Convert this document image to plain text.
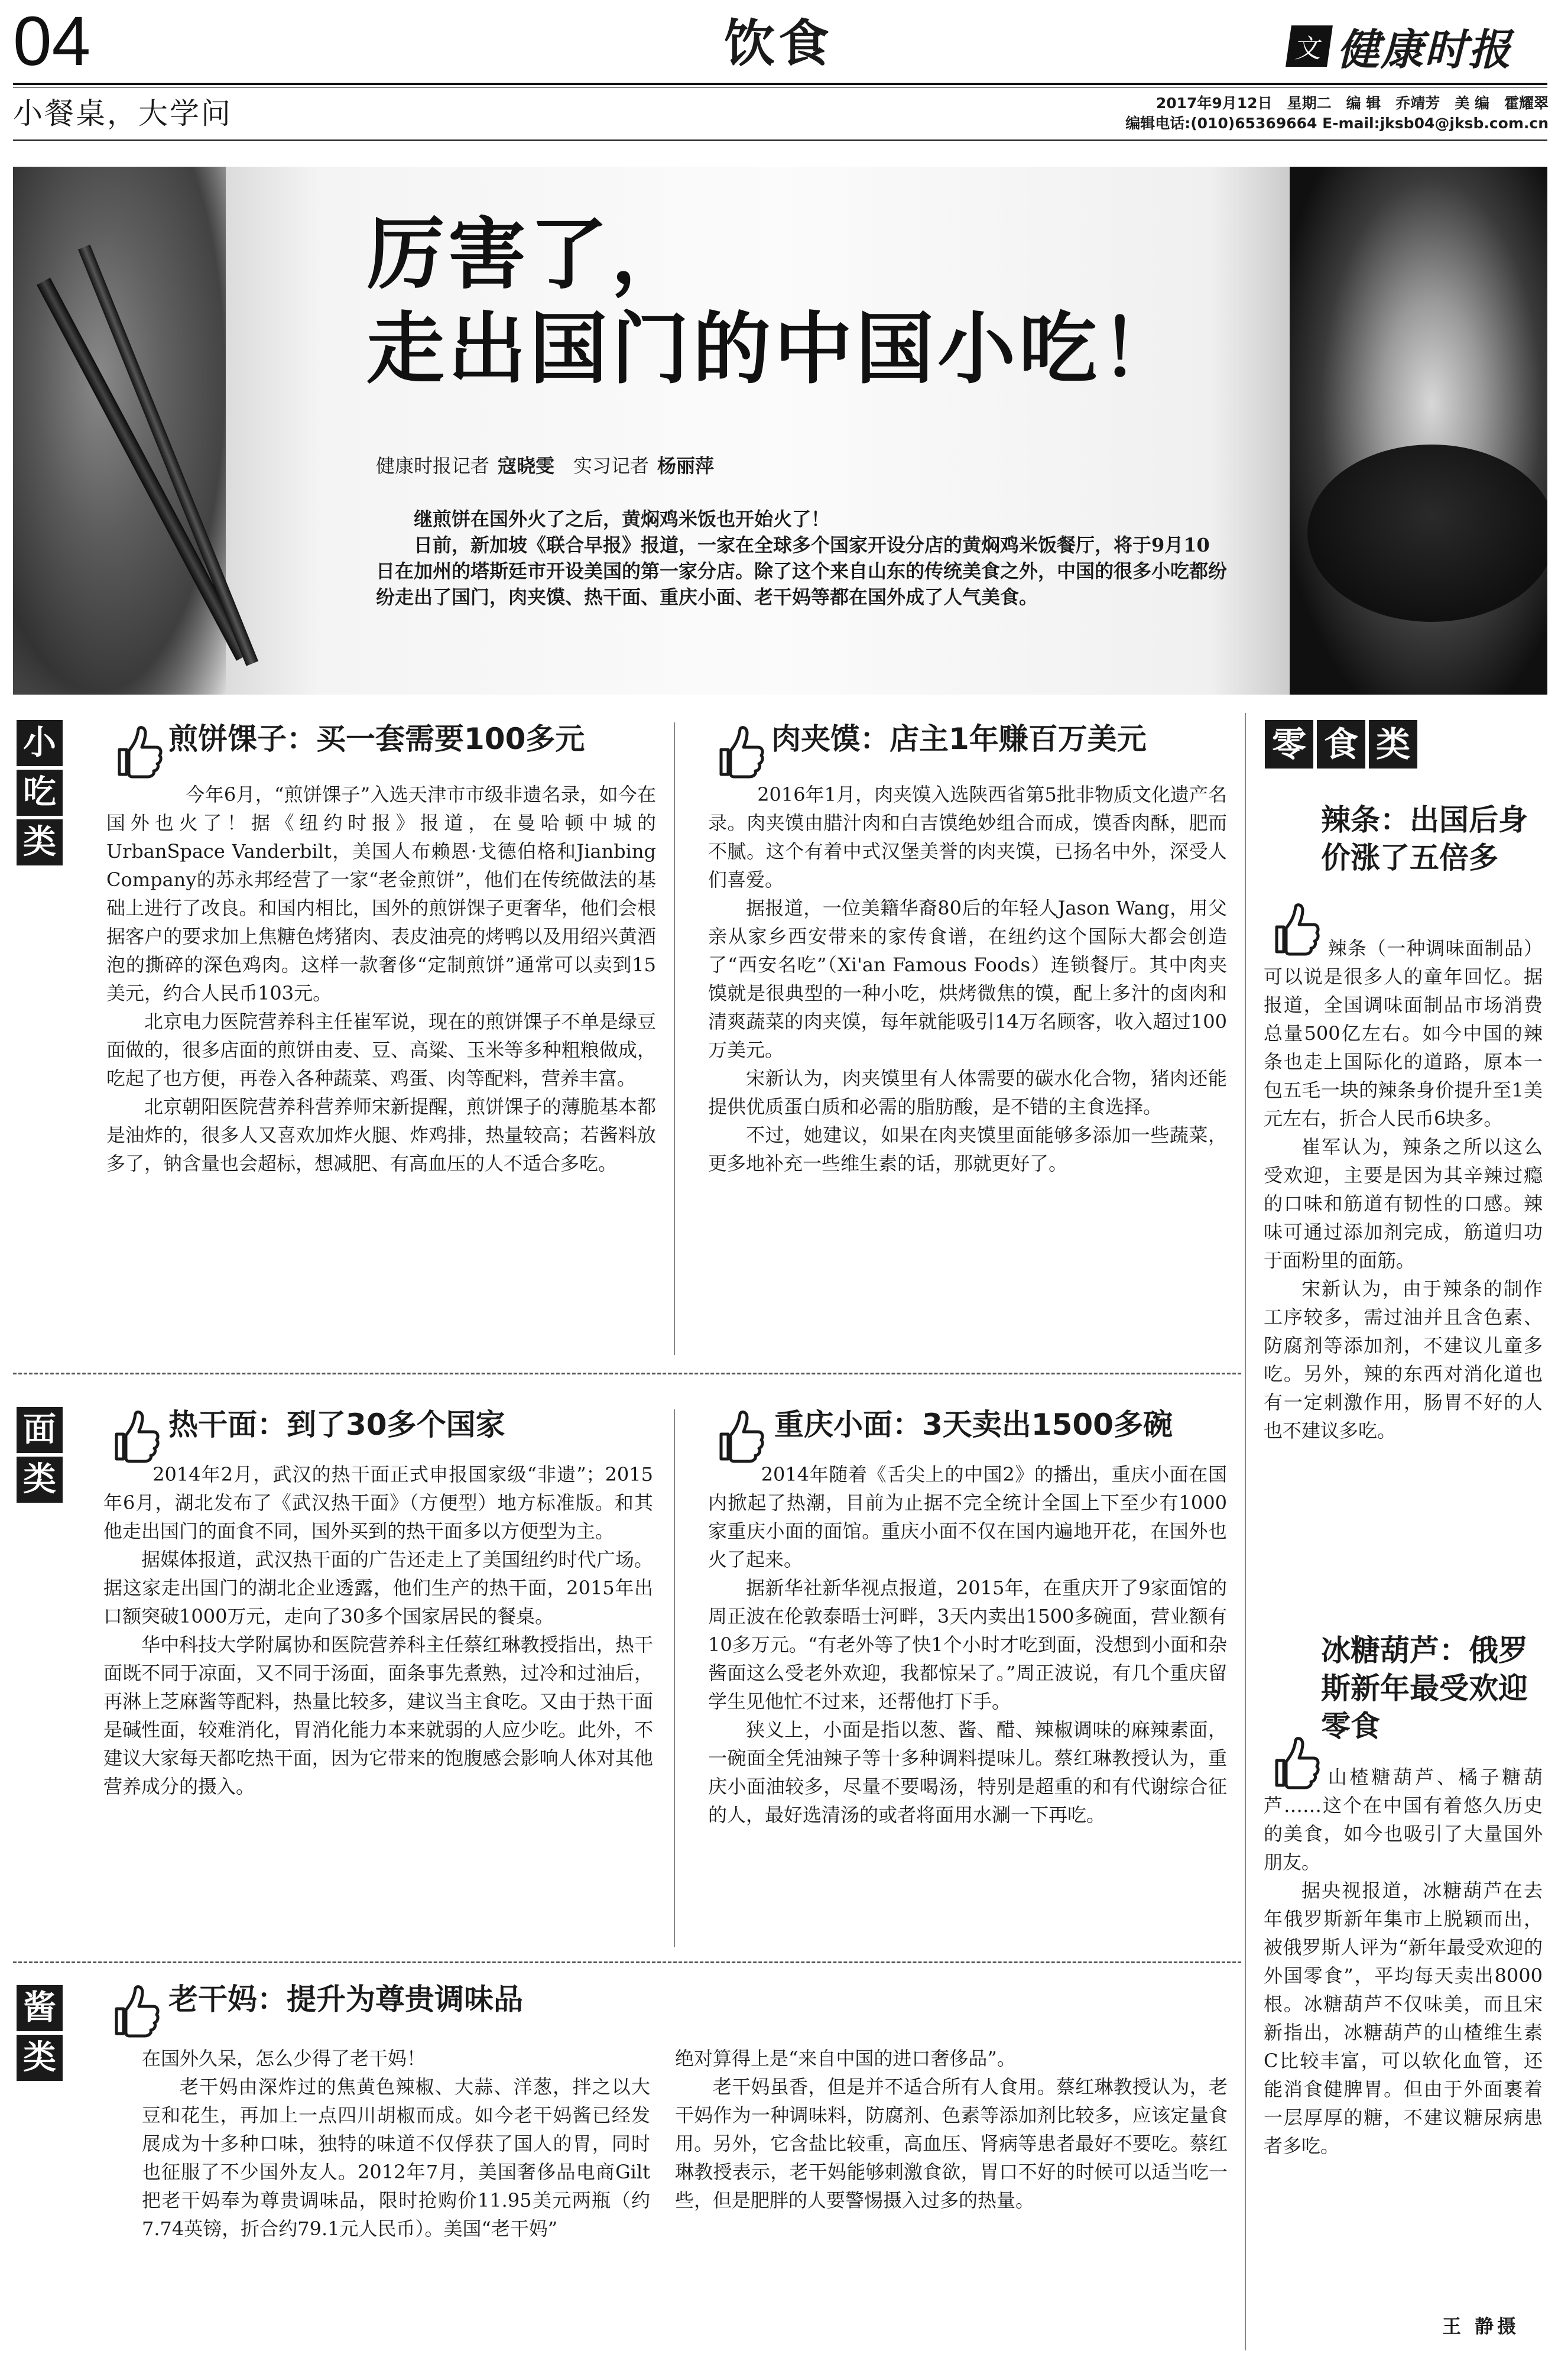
04	饮食	文 健康时报
小餐桌，大学问	2017年9月12日　星期二　编 辑　乔靖芳　美 编　霍耀翠
编辑电话:(010)65369664 E-mail:jksb04@jksb.com.cn
厉害了，
走出国门的中国小吃！
健康时报记者 寇晓雯 实习记者 杨丽萍

继煎饼在国外火了之后，黄焖鸡米饭也开始火了！

日前，新加坡《联合早报》报道，一家在全球多个国家开设分店的黄焖鸡米饭餐厅，将于9月10日在加州的塔斯廷市开设美国的第一家分店。除了这个来自山东的传统美食之外，中国的很多小吃都纷纷走出了国门，肉夹馍、热干面、重庆小面、老干妈等都在国外成了人气美食。

小
吃
类
面
类
酱
类
零 食 类
煎饼馃子：买一套需要100多元

今年6月，“煎饼馃子”入选天津市市级非遗名录，如今在国外也火了！据《纽约时报》报道，在曼哈顿中城的UrbanSpace Vanderbilt，美国人布赖恩·戈德伯格和Jianbing Company的苏永邦经营了一家“老金煎饼”，他们在传统做法的基础上进行了改良。和国内相比，国外的煎饼馃子更奢华，他们会根据客户的要求加上焦糖色烤猪肉、表皮油亮的烤鸭以及用绍兴黄酒泡的撕碎的深色鸡肉。这样一款奢侈“定制煎饼”通常可以卖到15美元，约合人民币103元。

北京电力医院营养科主任崔军说，现在的煎饼馃子不单是绿豆面做的，很多店面的煎饼由麦、豆、高粱、玉米等多种粗粮做成，吃起了也方便，再卷入各种蔬菜、鸡蛋、肉等配料，营养丰富。

北京朝阳医院营养科营养师宋新提醒，煎饼馃子的薄脆基本都是油炸的，很多人又喜欢加炸火腿、炸鸡排，热量较高；若酱料放多了，钠含量也会超标，想减肥、有高血压的人不适合多吃。

肉夹馍：店主1年赚百万美元

2016年1月，肉夹馍入选陕西省第5批非物质文化遗产名录。肉夹馍由腊汁肉和白吉馍绝妙组合而成，馍香肉酥，肥而不腻。这个有着中式汉堡美誉的肉夹馍，已扬名中外，深受人们喜爱。

据报道，一位美籍华裔80后的年轻人Jason Wang，用父亲从家乡西安带来的家传食谱，在纽约这个国际大都会创造了“西安名吃”（Xi'an Famous Foods）连锁餐厅。其中肉夹馍就是很典型的一种小吃，烘烤微焦的馍，配上多汁的卤肉和清爽蔬菜的肉夹馍，每年就能吸引14万名顾客，收入超过100万美元。

宋新认为，肉夹馍里有人体需要的碳水化合物，猪肉还能提供优质蛋白质和必需的脂肪酸，是不错的主食选择。

不过，她建议，如果在肉夹馍里面能够多添加一些蔬菜，更多地补充一些维生素的话，那就更好了。

热干面：到了30多个国家

2014年2月，武汉的热干面正式申报国家级“非遗”；2015年6月，湖北发布了《武汉热干面》（方便型）地方标准版。和其他走出国门的面食不同，国外买到的热干面多以方便型为主。

据媒体报道，武汉热干面的广告还走上了美国纽约时代广场。据这家走出国门的湖北企业透露，他们生产的热干面，2015年出口额突破1000万元，走向了30多个国家居民的餐桌。

华中科技大学附属协和医院营养科主任蔡红琳教授指出，热干面既不同于凉面，又不同于汤面，面条事先煮熟，过冷和过油后，再淋上芝麻酱等配料，热量比较多，建议当主食吃。又由于热干面是碱性面，较难消化，胃消化能力本来就弱的人应少吃。此外，不建议大家每天都吃热干面，因为它带来的饱腹感会影响人体对其他营养成分的摄入。

重庆小面：3天卖出1500多碗

2014年随着《舌尖上的中国2》的播出，重庆小面在国内掀起了热潮，目前为止据不完全统计全国上下至少有1000家重庆小面的面馆。重庆小面不仅在国内遍地开花，在国外也火了起来。

据新华社新华视点报道，2015年，在重庆开了9家面馆的周正波在伦敦泰晤士河畔，3天内卖出1500多碗面，营业额有10多万元。“有老外等了快1个小时才吃到面，没想到小面和杂酱面这么受老外欢迎，我都惊呆了。”周正波说，有几个重庆留学生见他忙不过来，还帮他打下手。

狭义上，小面是指以葱、酱、醋、辣椒调味的麻辣素面，一碗面全凭油辣子等十多种调料提味儿。蔡红琳教授认为，重庆小面油较多，尽量不要喝汤，特别是超重的和有代谢综合征的人，最好选清汤的或者将面用水涮一下再吃。

老干妈：提升为尊贵调味品

在国外久呆，怎么少得了老干妈！

老干妈由深炸过的焦黄色辣椒、大蒜、洋葱，拌之以大豆和花生，再加上一点四川胡椒而成。如今老干妈酱已经发展成为十多种口味，独特的味道不仅俘获了国人的胃，同时也征服了不少国外友人。2012年7月，美国奢侈品电商Gilt把老干妈奉为尊贵调味品，限时抢购价11.95美元两瓶（约7.74英镑，折合约79.1元人民币）。美国“老干妈”

绝对算得上是“来自中国的进口奢侈品”。

老干妈虽香，但是并不适合所有人食用。蔡红琳教授认为，老干妈作为一种调味料，防腐剂、色素等添加剂比较多，应该定量食用。另外，它含盐比较重，高血压、肾病等患者最好不要吃。蔡红琳教授表示，老干妈能够刺激食欲，胃口不好的时候可以适当吃一些，但是肥胖的人要警惕摄入过多的热量。

辣条：出国后身价涨了五倍多

辣条（一种调味面制品）可以说是很多人的童年回忆。据报道，全国调味面制品市场消费总量500亿左右。如今中国的辣条也走上国际化的道路，原本一包五毛一块的辣条身价提升至1美元左右，折合人民币6块多。

崔军认为，辣条之所以这么受欢迎，主要是因为其辛辣过瘾的口味和筋道有韧性的口感。辣味可通过添加剂完成，筋道归功于面粉里的面筋。

宋新认为，由于辣条的制作工序较多，需过油并且含色素、防腐剂等添加剂，不建议儿童多吃。另外，辣的东西对消化道也有一定刺激作用，肠胃不好的人也不建议多吃。

冰糖葫芦：俄罗斯新年最受欢迎零食

山楂糖葫芦、橘子糖葫芦……这个在中国有着悠久历史的美食，如今也吸引了大量国外朋友。

据央视报道，冰糖葫芦在去年俄罗斯新年集市上脱颖而出，被俄罗斯人评为“新年最受欢迎的外国零食”，平均每天卖出8000根。冰糖葫芦不仅味美，而且宋新指出，冰糖葫芦的山楂维生素C比较丰富，可以软化血管，还能消食健脾胃。但由于外面裹着一层厚厚的糖，不建议糖尿病患者多吃。

王 静摄
